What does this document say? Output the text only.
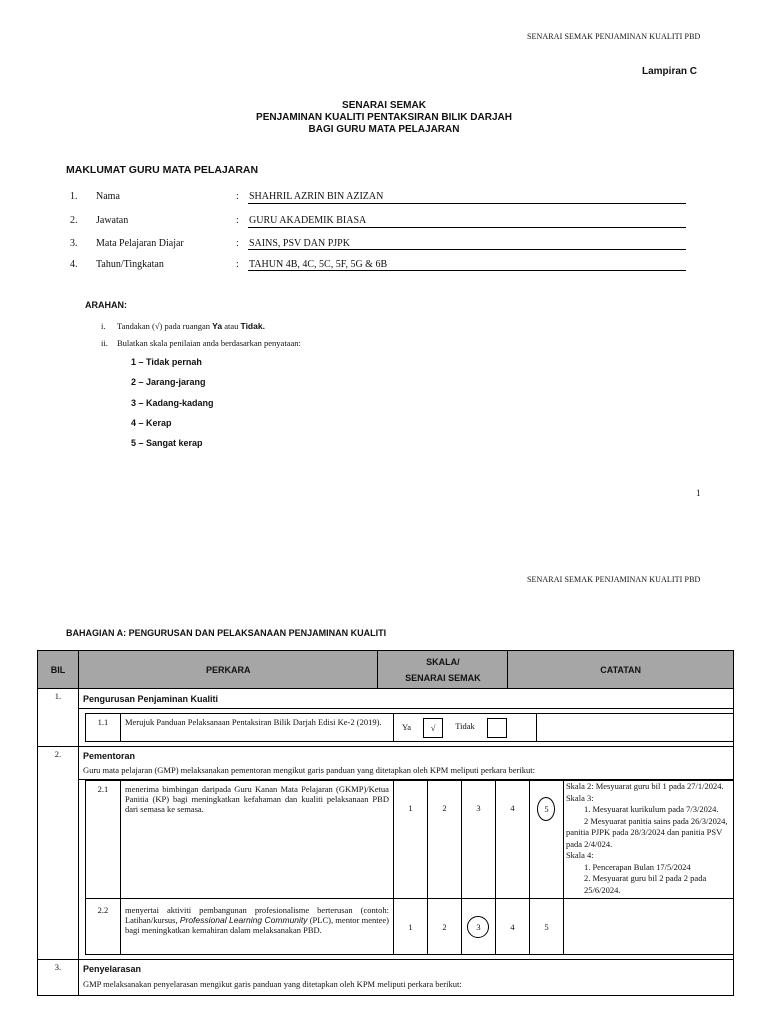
SENARAI SEMAK PENJAMINAN KUALITI PBD
Lampiran C
SENARAI SEMAK
PENJAMINAN KUALITI PENTAKSIRAN BILIK DARJAH
BAGI GURU MATA PELAJARAN
MAKLUMAT GURU MATA PELAJARAN
1. Nama	: SHAHRIL AZRIN BIN AZIZAN
2. Jawatan	: GURU AKADEMIK BIASA
3. Mata Pelajaran Diajar	: SAINS, PSV DAN PJPK
4. Tahun/Tingkatan	: TAHUN 4B, 4C, 5C, 5F, 5G & 6B
ARAHAN:
i. Tandakan (√) pada ruangan Ya atau Tidak.
ii. Bulatkan skala penilaian anda berdasarkan penyataan:
1 – Tidak pernah
2 – Jarang-jarang
3 – Kadang-kadang
4 – Kerap
5 – Sangat kerap
1
SENARAI SEMAK PENJAMINAN KUALITI PBD
BAHAGIAN A: PENGURUSAN DAN PELAKSANAAN PENJAMINAN KUALITI
BIL	PERKARA	
SKALA/
SENARAI SEMAK
	CATATAN
1.	Pengurusan Penjaminan Kualiti

1.1	Merujuk Panduan Pelaksanaan Pentaksiran Bilik Darjah Edisi Ke-2 (2019).	Ya √ Tidak	

2.	Pementoran
Guru mata pelajaran (GMP) melaksanakan pementoran mengikut garis panduan yang ditetapkan oleh KPM meliputi perkara berikut:

2.1	menerima bimbingan daripada Guru Kanan Mata Pelajaran (GKMP)/Ketua Panitia (KP) bagi meningkatkan kefahaman dan kualiti pelaksanaan PBD dari semasa ke semasa.	1	2	3	4	5	
Skala 2: Mesyuarat guru bil 1 pada 27/1/2024.
Skala 3:
1. Mesyuarat kurikulum pada 7/3/2024.
2 Mesyuarat panitia sains pada 26/3/2024, panitia PJPK pada 28/3/2024 dan panitia PSV pada 2/4/024.
Skala 4:
1. Pencerapan Bulan 17/5/2024
2. Mesyuarat guru bil 2 pada 2 pada 25/6/2024.

2.2	menyertai aktiviti pembangunan profesionalisme berterusan (contoh: Latihan/kursus, Professional Learning Community (PLC), mentor mentee) bagi meningkatkan kemahiran dalam melaksanakan PBD.	1	2	3	4	5	

3.	Penyelarasan
GMP melaksanakan penyelarasan mengikut garis panduan yang ditetapkan oleh KPM meliputi perkara berikut:
